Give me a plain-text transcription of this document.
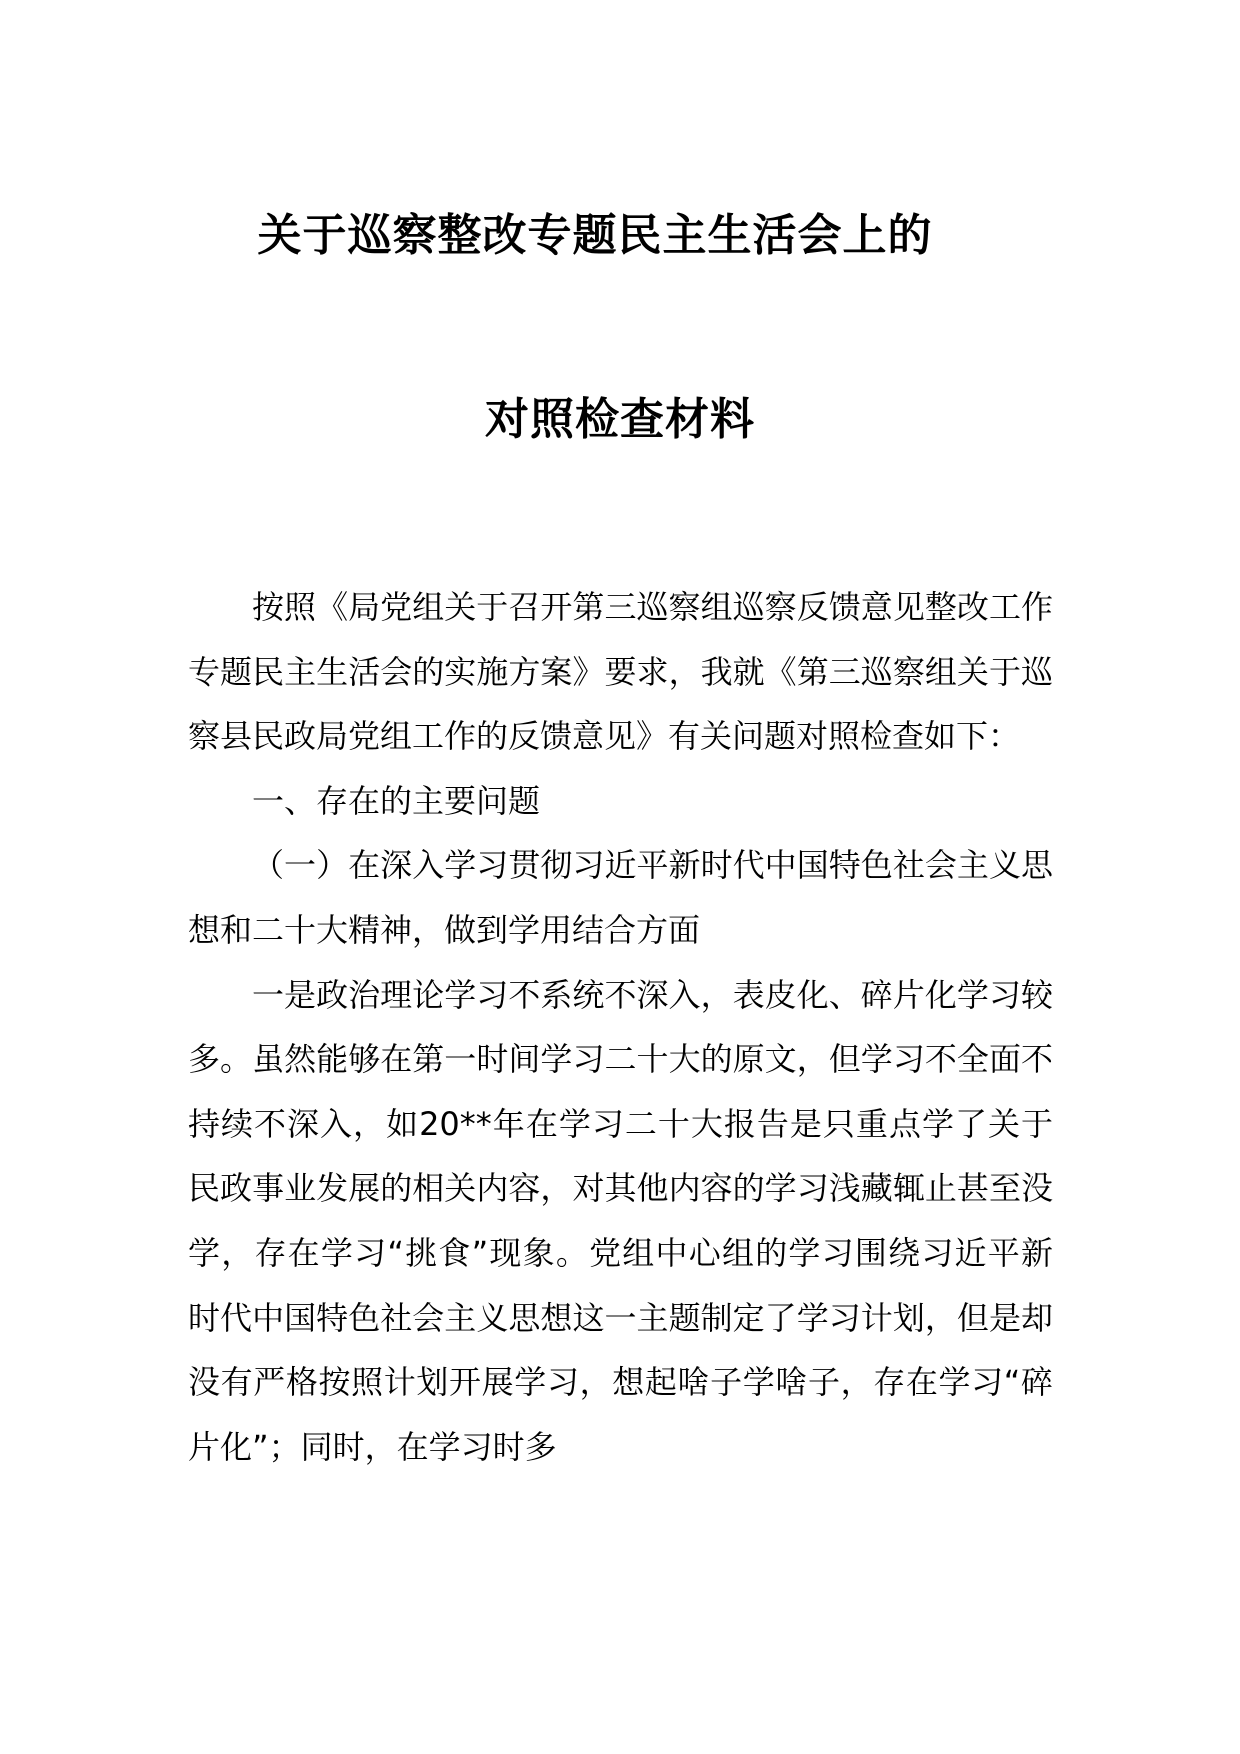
关于巡察整改专题民主生活会上的
对照检查材料

按照《局党组关于召开第三巡察组巡察反馈意见整改工作专题民主生活会的实施方案》要求，我就《第三巡察组关于巡察县民政局党组工作的反馈意见》有关问题对照检查如下：

一、存在的主要问题

（一）在深入学习贯彻习近平新时代中国特色社会主义思想和二十大精神，做到学用结合方面

一是政治理论学习不系统不深入，表皮化、碎片化学习较多。虽然能够在第一时间学习二十大的原文，但学习不全面不持续不深入，如20**年在学习二十大报告是只重点学了关于民政事业发展的相关内容，对其他内容的学习浅藏辄止甚至没学，存在学习“挑食”现象。党组中心组的学习围绕习近平新时代中国特色社会主义思想这一主题制定了学习计划，但是却没有严格按照计划开展学习，想起啥子学啥子，存在学习“碎片化”；同时，在学习时多
